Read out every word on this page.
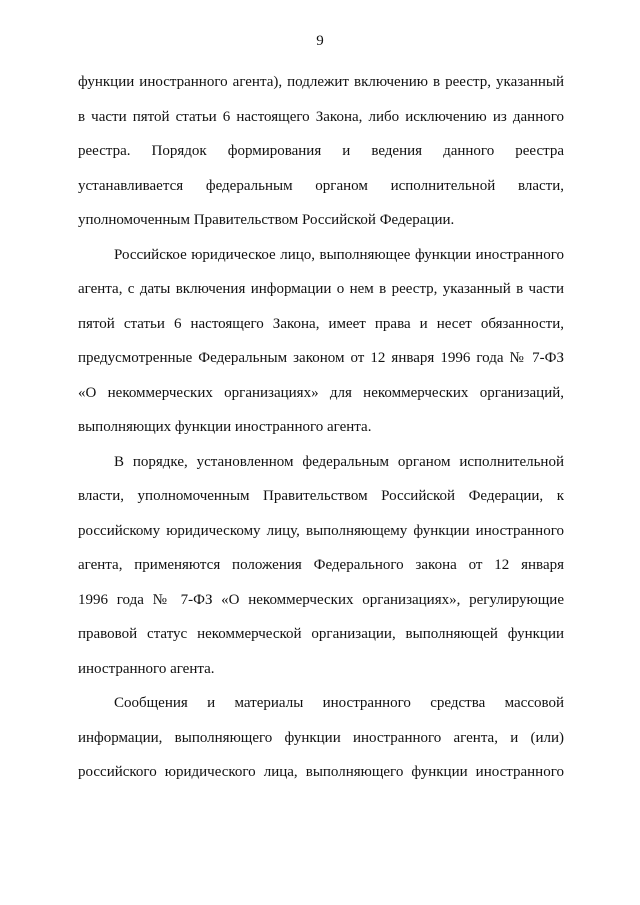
9
функции иностранного агента), подлежит включению в реестр, указанный
в части пятой статьи 6 настоящего Закона, либо исключению из данного
реестра. Порядок формирования и ведения данного реестра
устанавливается федеральным органом исполнительной власти,
уполномоченным Правительством Российской Федерации.
Российское юридическое лицо, выполняющее функции иностранного
агента, с даты включения информации о нем в реестр, указанный в части
пятой статьи 6 настоящего Закона, имеет права и несет обязанности,
предусмотренные Федеральным законом от 12 января 1996 года № 7-ФЗ
«О некоммерческих организациях» для некоммерческих организаций,
выполняющих функции иностранного агента.
В порядке, установленном федеральным органом исполнительной
власти, уполномоченным Правительством Российской Федерации, к
российскому юридическому лицу, выполняющему функции иностранного
агента, применяются положения Федерального закона от 12 января
1996 года № 7-ФЗ «О некоммерческих организациях», регулирующие
правовой статус некоммерческой организации, выполняющей функции
иностранного агента.
Сообщения и материалы иностранного средства массовой
информации, выполняющего функции иностранного агента, и (или)
российского юридического лица, выполняющего функции иностранного
